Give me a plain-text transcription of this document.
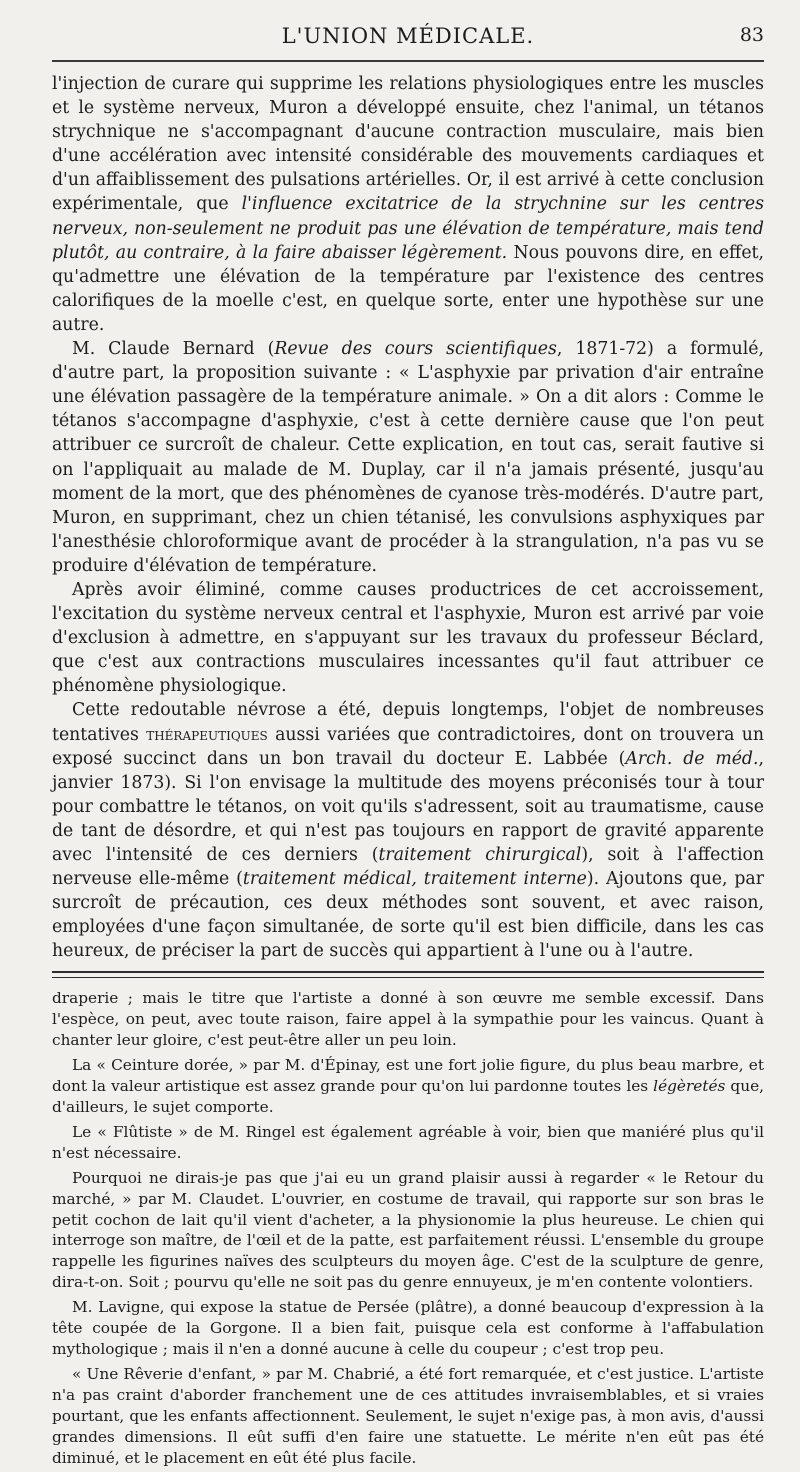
L'UNION MÉDICALE.	83

l'injection de curare qui supprime les relations physiologiques entre les muscles et le système nerveux, Muron a développé ensuite, chez l'animal, un tétanos strychnique ne s'accompagnant d'aucune contraction musculaire, mais bien d'une accélération avec intensité considérable des mouvements cardiaques et d'un affaiblissement des pulsations artérielles. Or, il est arrivé à cette conclusion expérimentale, que l'influence excitatrice de la strychnine sur les centres nerveux, non-seulement ne produit pas une élévation de température, mais tend plutôt, au contraire, à la faire abaisser légèrement. Nous pouvons dire, en effet, qu'admettre une élévation de la température par l'existence des centres calorifiques de la moelle c'est, en quelque sorte, enter une hypothèse sur une autre.

M. Claude Bernard (Revue des cours scientifiques, 1871-72) a formulé, d'autre part, la proposition suivante : « L'asphyxie par privation d'air entraîne une élévation passagère de la température animale. » On a dit alors : Comme le tétanos s'accompagne d'asphyxie, c'est à cette dernière cause que l'on peut attribuer ce surcroît de chaleur. Cette explication, en tout cas, serait fautive si on l'appliquait au malade de M. Duplay, car il n'a jamais présenté, jusqu'au moment de la mort, que des phénomènes de cyanose très-modérés. D'autre part, Muron, en supprimant, chez un chien tétanisé, les convulsions asphyxiques par l'anesthésie chloroformique avant de procéder à la strangulation, n'a pas vu se produire d'élévation de température.

Après avoir éliminé, comme causes productrices de cet accroissement, l'excitation du système nerveux central et l'asphyxie, Muron est arrivé par voie d'exclusion à admettre, en s'appuyant sur les travaux du professeur Béclard, que c'est aux contractions musculaires incessantes qu'il faut attribuer ce phénomène physiologique.

Cette redoutable névrose a été, depuis longtemps, l'objet de nombreuses tentatives thérapeutiques aussi variées que contradictoires, dont on trouvera un exposé succinct dans un bon travail du docteur E. Labbée (Arch. de méd., janvier 1873). Si l'on envisage la multitude des moyens préconisés tour à tour pour combattre le tétanos, on voit qu'ils s'adressent, soit au traumatisme, cause de tant de désordre, et qui n'est pas toujours en rapport de gravité apparente avec l'intensité de ces derniers (traitement chirurgical), soit à l'affection nerveuse elle-même (traitement médical, traitement interne). Ajoutons que, par surcroît de précaution, ces deux méthodes sont souvent, et avec raison, employées d'une façon simultanée, de sorte qu'il est bien difficile, dans les cas heureux, de préciser la part de succès qui appartient à l'une ou à l'autre.

draperie ; mais le titre que l'artiste a donné à son œuvre me semble excessif. Dans l'espèce, on peut, avec toute raison, faire appel à la sympathie pour les vaincus. Quant à chanter leur gloire, c'est peut-être aller un peu loin.

La « Ceinture dorée, » par M. d'Épinay, est une fort jolie figure, du plus beau marbre, et dont la valeur artistique est assez grande pour qu'on lui pardonne toutes les légèretés que, d'ailleurs, le sujet comporte.

Le « Flûtiste » de M. Ringel est également agréable à voir, bien que maniéré plus qu'il n'est nécessaire.

Pourquoi ne dirais-je pas que j'ai eu un grand plaisir aussi à regarder « le Retour du marché, » par M. Claudet. L'ouvrier, en costume de travail, qui rapporte sur son bras le petit cochon de lait qu'il vient d'acheter, a la physionomie la plus heureuse. Le chien qui interroge son maître, de l'œil et de la patte, est parfaitement réussi. L'ensemble du groupe rappelle les figurines naïves des sculpteurs du moyen âge. C'est de la sculpture de genre, dira-t-on. Soit ; pourvu qu'elle ne soit pas du genre ennuyeux, je m'en contente volontiers.

M. Lavigne, qui expose la statue de Persée (plâtre), a donné beaucoup d'expression à la tête coupée de la Gorgone. Il a bien fait, puisque cela est conforme à l'affabulation mythologique ; mais il n'en a donné aucune à celle du coupeur ; c'est trop peu.

« Une Rêverie d'enfant, » par M. Chabrié, a été fort remarquée, et c'est justice. L'artiste n'a pas craint d'aborder franchement une de ces attitudes invraisemblables, et si vraies pourtant, que les enfants affectionnent. Seulement, le sujet n'exige pas, à mon avis, d'aussi grandes dimensions. Il eût suffi d'en faire une statuette. Le mérite n'en eût pas été diminué, et le placement en eût été plus facile.
